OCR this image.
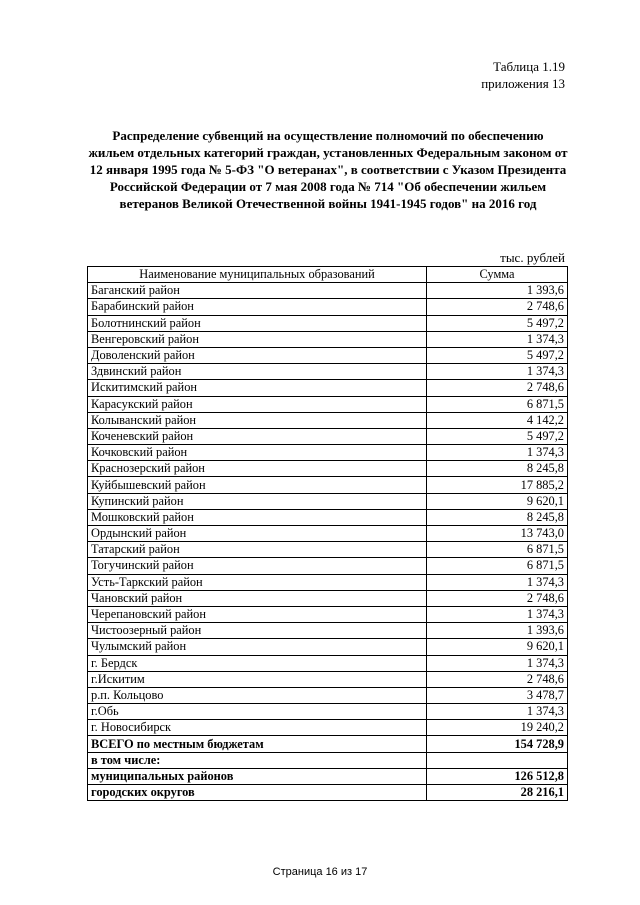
Таблица 1.19
приложения 13
Распределение субвенций на осуществление полномочий по обеспечению жильем отдельных категорий граждан, установленных Федеральным законом от 12 января 1995 года № 5-ФЗ "О ветеранах", в соответствии с Указом Президента Российской Федерации от 7 мая 2008 года № 714 "Об обеспечении жильем ветеранов Великой Отечественной войны 1941-1945 годов" на 2016 год
тыс. рублей
Наименование муниципальных образований	Сумма
Баганский район	1 393,6
Барабинский район	2 748,6
Болотнинский район	5 497,2
Венгеровский район	1 374,3
Доволенский район	5 497,2
Здвинский район	1 374,3
Искитимский район	2 748,6
Карасукский район	6 871,5
Колыванский район	4 142,2
Коченевский район	5 497,2
Кочковский район	1 374,3
Краснозерский район	8 245,8
Куйбышевский район	17 885,2
Купинский район	9 620,1
Мошковский район	8 245,8
Ордынский район	13 743,0
Татарский район	6 871,5
Тогучинский район	6 871,5
Усть-Таркский район	1 374,3
Чановский район	2 748,6
Черепановский район	1 374,3
Чистоозерный район	1 393,6
Чулымский район	9 620,1
г. Бердск	1 374,3
г.Искитим	2 748,6
р.п. Кольцово	3 478,7
г.Обь	1 374,3
г. Новосибирск	19 240,2
ВСЕГО по местным бюджетам	154 728,9
в том числе:	
муниципальных районов	126 512,8
городских округов	28 216,1
Страница 16 из 17
